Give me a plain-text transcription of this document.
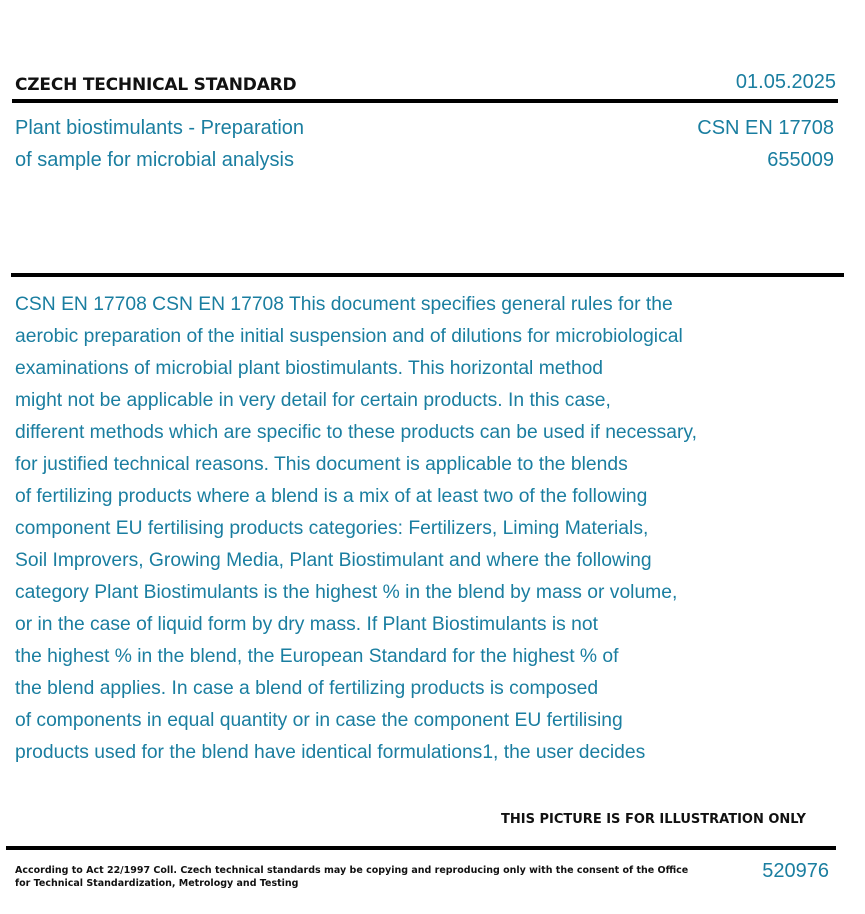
CZECH TECHNICAL STANDARD	01.05.2025
Plant biostimulants - Preparation
of sample for microbial analysis
CSN EN 17708
655009
CSN EN 17708 CSN EN 17708 This document specifies general rules for the
aerobic preparation of the initial suspension and of dilutions for microbiological
examinations of microbial plant biostimulants. This horizontal method
might not be applicable in very detail for certain products. In this case,
different methods which are specific to these products can be used if necessary,
for justified technical reasons. This document is applicable to the blends
of fertilizing products where a blend is a mix of at least two of the following
component EU fertilising products categories: Fertilizers, Liming Materials,
Soil Improvers, Growing Media, Plant Biostimulant and where the following
category Plant Biostimulants is the highest % in the blend by mass or volume,
or in the case of liquid form by dry mass. If Plant Biostimulants is not
the highest % in the blend, the European Standard for the highest % of
the blend applies. In case a blend of fertilizing products is composed
of components in equal quantity or in case the component EU fertilising
products used for the blend have identical formulations1, the user decides
THIS PICTURE IS FOR ILLUSTRATION ONLY
According to Act 22/1997 Coll. Czech technical standards may be copying and reproducing only with the consent of the Office
for Technical Standardization, Metrology and Testing
520976
